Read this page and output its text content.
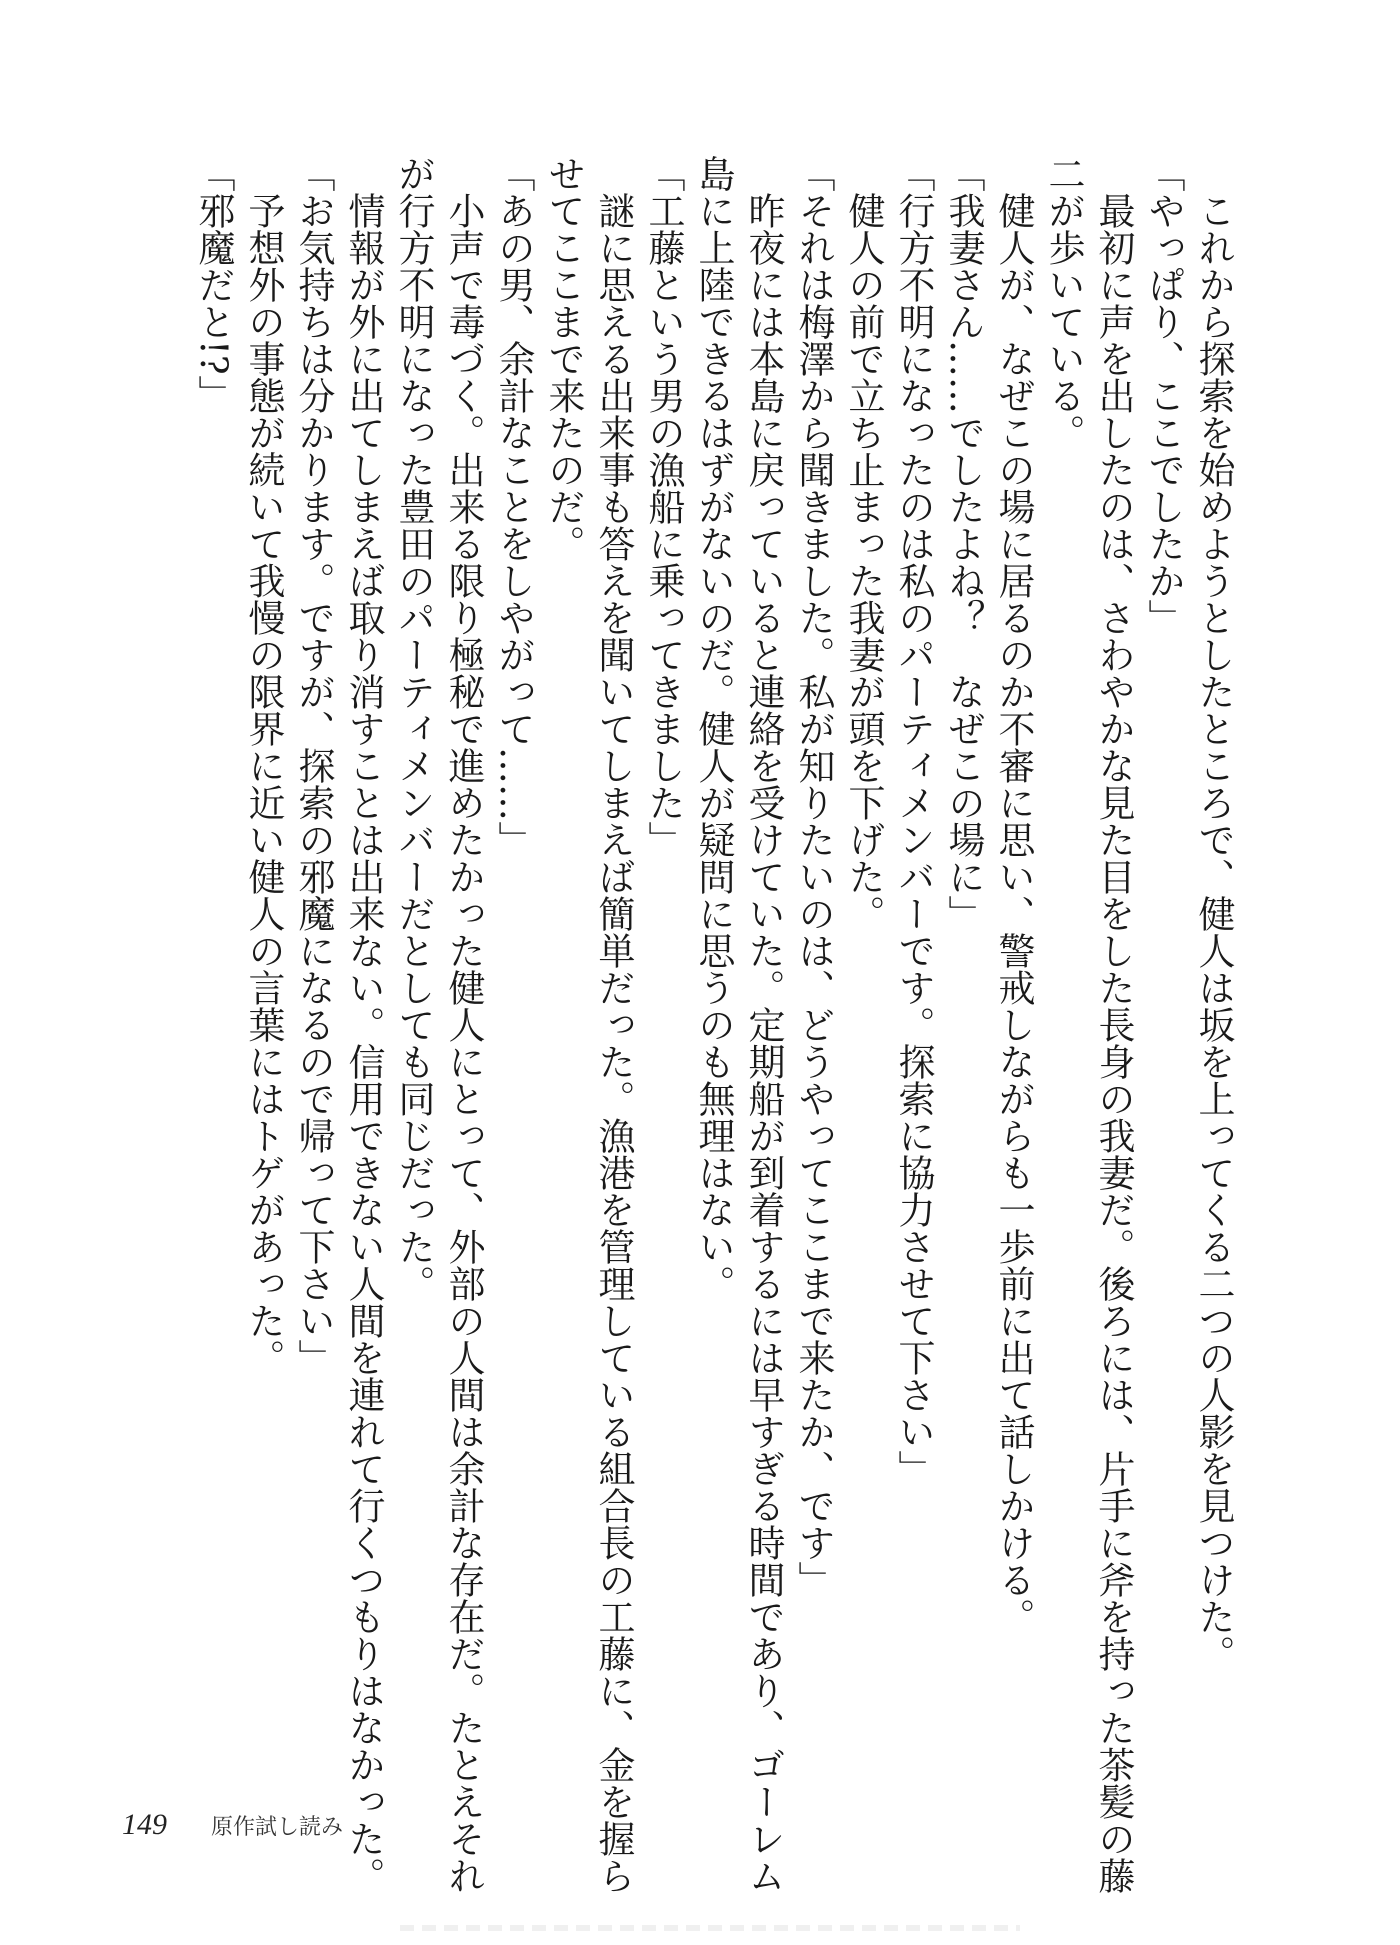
　これから探索を始めようとしたところで、健人は坂を上ってくる二つの人影を見つけた。
「やっぱり、ここでしたか」
　最初に声を出したのは、さわやかな見た目をした長身の我妻だ。後ろには、片手に斧を持った茶髪の藤
二が歩いている。
　健人が、なぜこの場に居るのか不審に思い、警戒しながらも一歩前に出て話しかける。
「我妻さん……でしたよね？　なぜこの場に」
「行方不明になったのは私のパーティメンバーです。探索に協力させて下さい」
　健人の前で立ち止まった我妻が頭を下げた。
「それは梅澤から聞きました。私が知りたいのは、どうやってここまで来たか、です」
　昨夜には本島に戻っていると連絡を受けていた。定期船が到着するには早すぎる時間であり、ゴーレム
島に上陸できるはずがないのだ。健人が疑問に思うのも無理はない。
「工藤という男の漁船に乗ってきました」
　謎に思える出来事も答えを聞いてしまえば簡単だった。漁港を管理している組合長の工藤に、金を握ら
せてここまで来たのだ。
「あの男、余計なことをしやがって……」
　小声で毒づく。出来る限り極秘で進めたかった健人にとって、外部の人間は余計な存在だ。たとえそれ
が行方不明になった豊田のパーティメンバーだとしても同じだった。
　情報が外に出てしまえば取り消すことは出来ない。信用できない人間を連れて行くつもりはなかった。
「お気持ちは分かります。ですが、探索の邪魔になるので帰って下さい」
　予想外の事態が続いて我慢の限界に近い健人の言葉にはトゲがあった。
「邪魔だと!?」
149 原作試し読み
